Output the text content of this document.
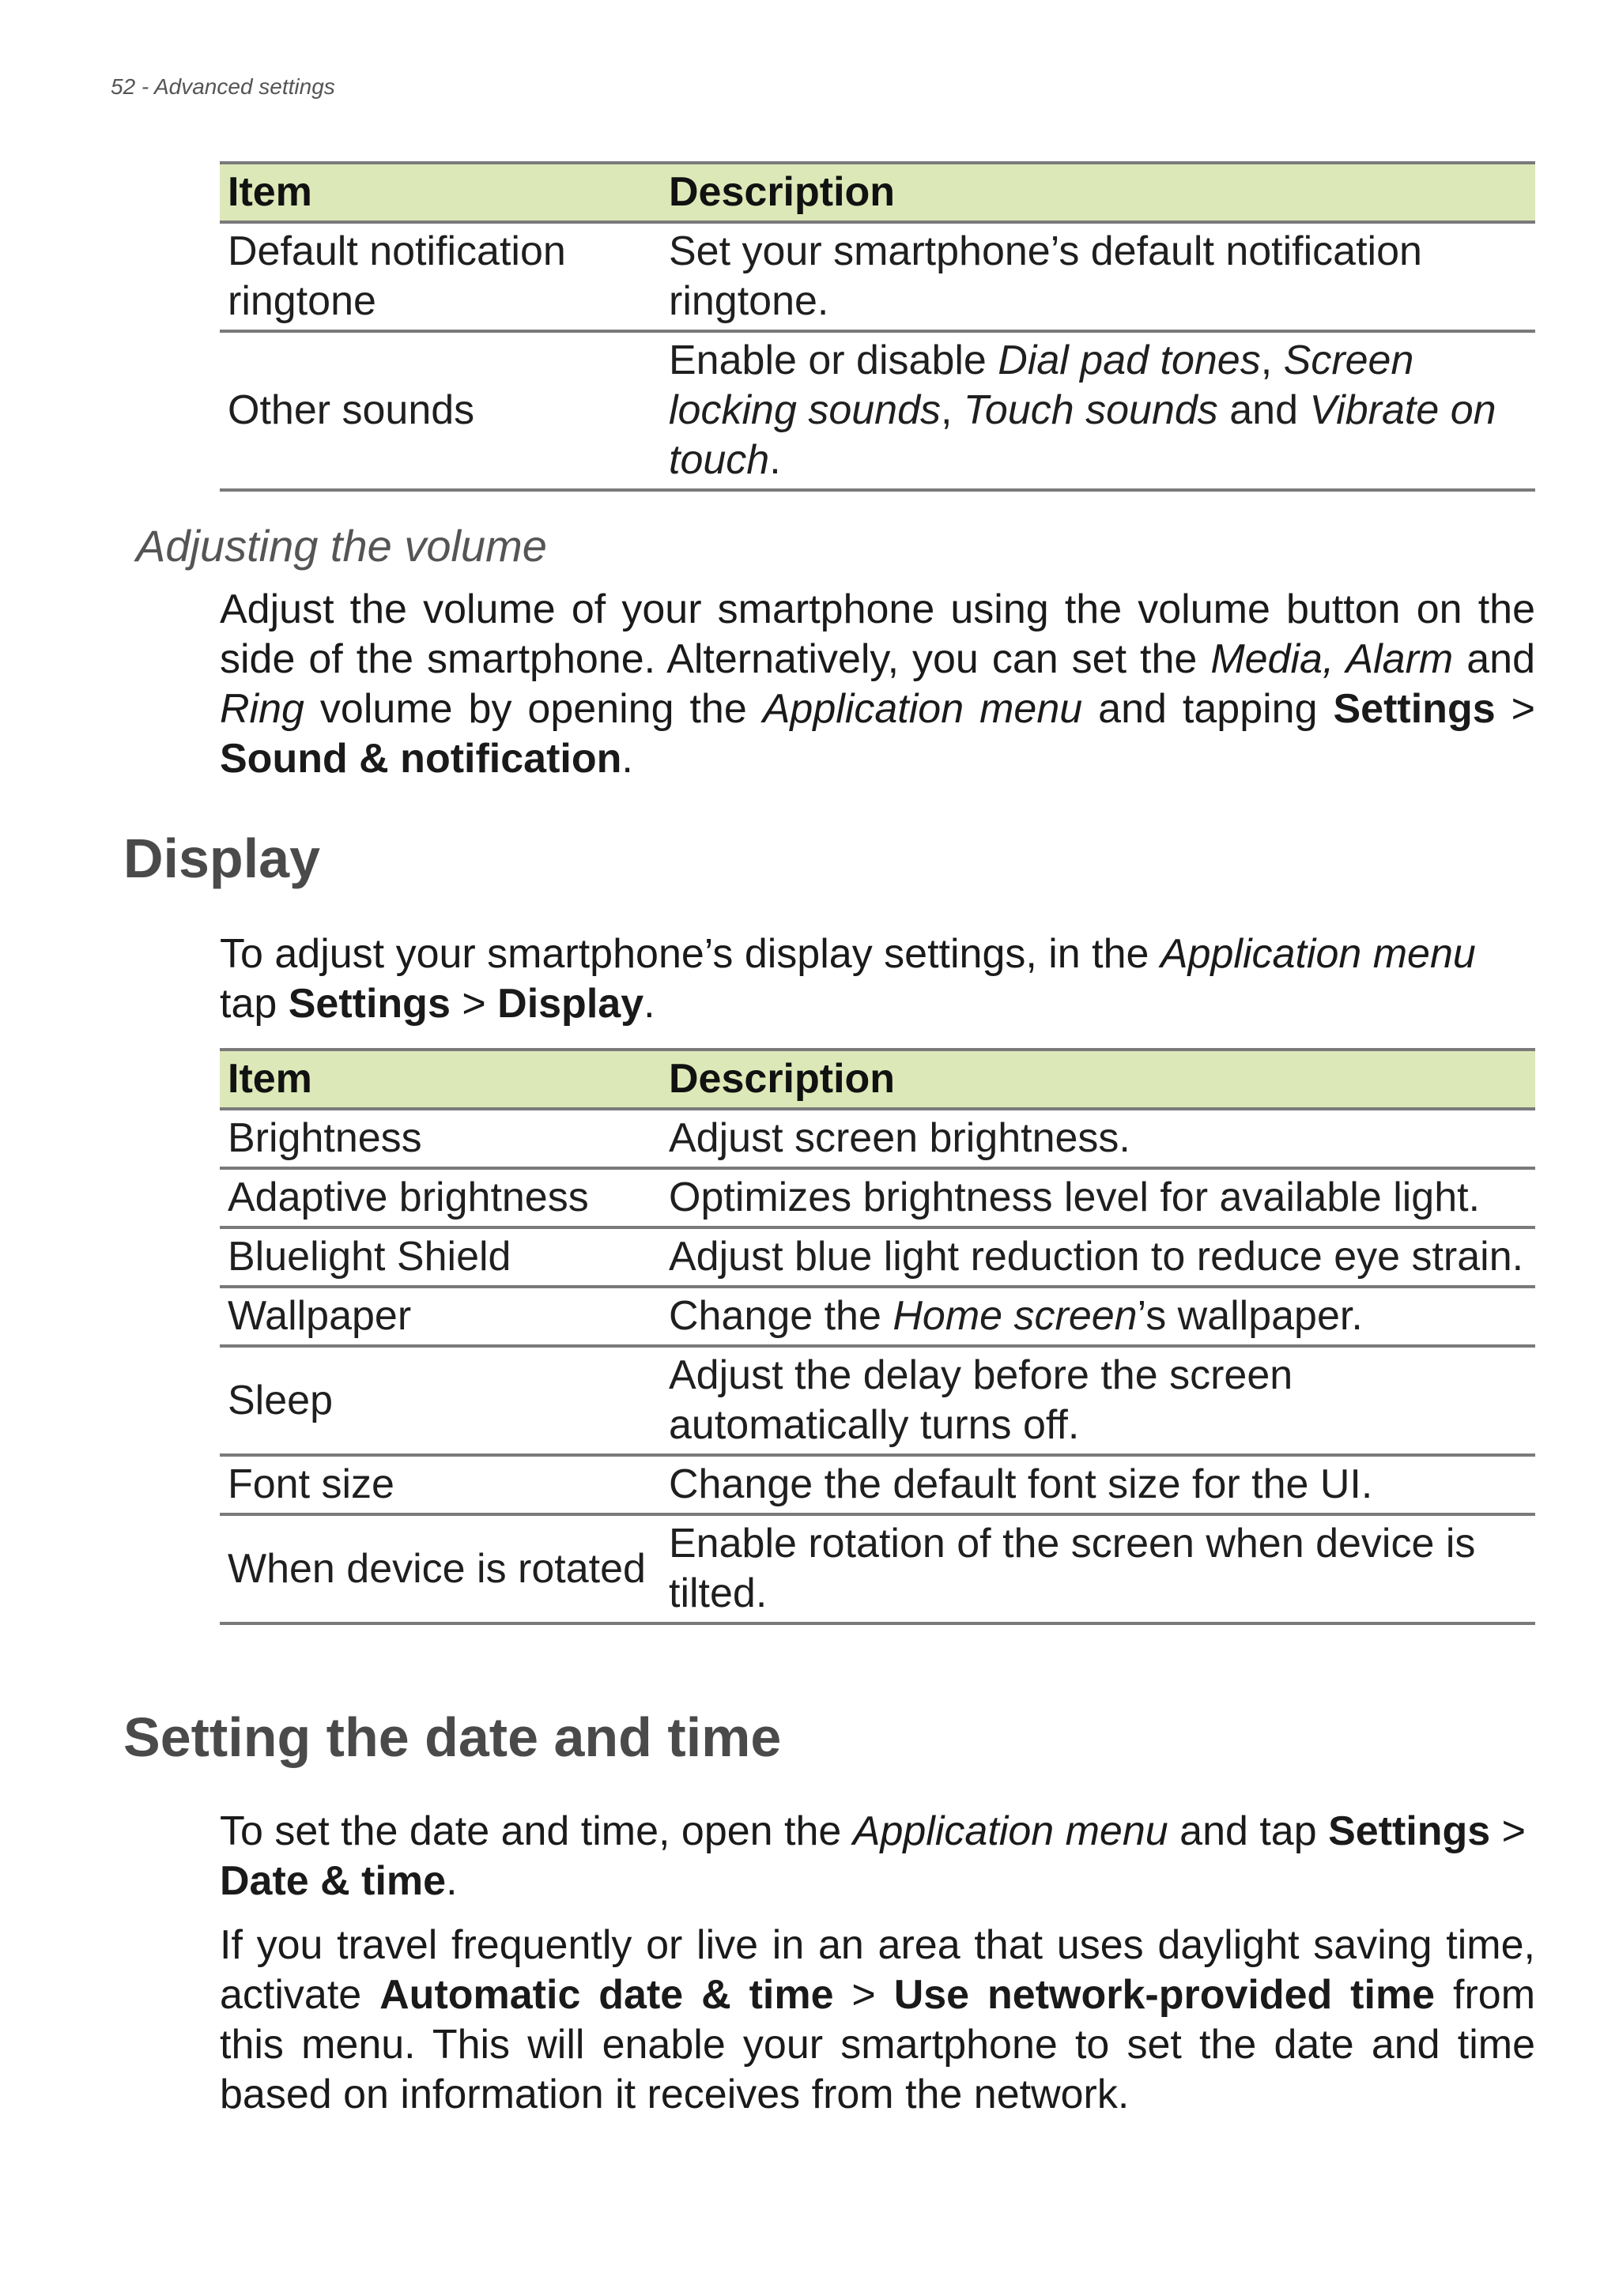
52 - Advanced settings
Item	Description
Default notification ringtone	Set your smartphone’s default notification ringtone.
Other sounds	Enable or disable Dial pad tones, Screen locking sounds, Touch sounds and Vibrate on touch.
Adjusting the volume
Adjust the volume of your smartphone using the volume button on the side of the smartphone. Alternatively, you can set the Media, Alarm and Ring volume by opening the Application menu and tapping Settings > Sound & notification.
Display
To adjust your smartphone’s display settings, in the Application menu tap Settings > Display.
Item	Description
Brightness	Adjust screen brightness.
Adaptive brightness	Optimizes brightness level for available light.
Bluelight Shield	Adjust blue light reduction to reduce eye strain.
Wallpaper	Change the Home screen’s wallpaper.
Sleep	Adjust the delay before the screen automatically turns off.
Font size	Change the default font size for the UI.
When device is rotated	Enable rotation of the screen when device is tilted.
Setting the date and time
To set the date and time, open the Application menu and tap Settings > Date & time.
If you travel frequently or live in an area that uses daylight saving time, activate Automatic date & time > Use network-provided time from this menu. This will enable your smartphone to set the date and time based on information it receives from the network.
